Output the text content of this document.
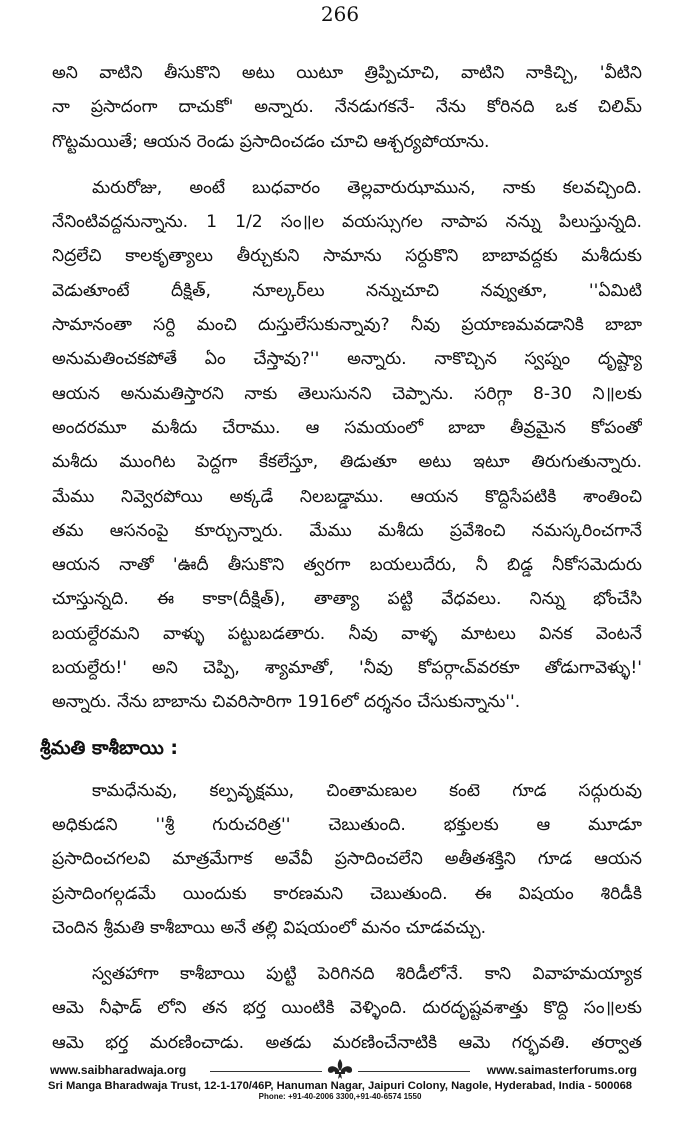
266
అని వాటిని తీసుకొని అటు యిటూ త్రిప్పిచూచి, వాటిని నాకిచ్చి, 'వీటిని
నా ప్రసాదంగా దాచుకో' అన్నారు. నేనడుగకనే- నేను కోరినది ఒక చిలిమ్
గొట్టమయితే; ఆయన రెండు ప్రసాదించడం చూచి ఆశ్చర్యపోయాను.
మరురోజు, అంటే బుధవారం తెల్లవారుఝామున, నాకు కలవచ్చింది.
నేనింటివద్దనున్నాను. 1 1/2 సం॥ల వయస్సుగల నాపాప నన్ను పిలుస్తున్నది.
నిద్రలేచి కాలకృత్యాలు తీర్చుకుని సామాను సర్దుకొని బాబావద్దకు మశీదుకు
వెడుతూంటే దీక్షిత్, నూల్కర్‌లు నన్నుచూచి నవ్వుతూ, ''ఏమిటి
సామానంతా సర్ది మంచి దుస్తులేసుకున్నావు? నీవు ప్రయాణమవడానికి బాబా
అనుమతించకపోతే ఏం చేస్తావు?'' అన్నారు. నాకొచ్చిన స్వప్నం దృష్ట్యా
ఆయన అనుమతిస్తారని నాకు తెలుసునని చెప్పాను. సరిగ్గా 8-30 ని॥లకు
అందరమూ మశీదు చేరాము. ఆ సమయంలో బాబా తీవ్రమైన కోపంతో
మశీదు ముంగిట పెద్దగా కేకలేస్తూ, తిడుతూ అటు ఇటూ తిరుగుతున్నారు.
మేము నివ్వెరపోయి అక్కడే నిలబడ్డాము. ఆయన కొద్దిసేపటికి శాంతించి
తమ ఆసనంపై కూర్చున్నారు. మేము మశీదు ప్రవేశించి నమస్కరించగానే
ఆయన నాతో 'ఊదీ తీసుకొని త్వరగా బయలుదేరు, నీ బిడ్డ నీకోసమెదురు
చూస్తున్నది. ఈ కాకా(దీక్షిత్), తాత్యా పట్టి వేధవలు. నిన్ను భోంచేసి
బయల్దేరమని వాళ్ళు పట్టుబడతారు. నీవు వాళ్ళ మాటలు వినక వెంటనే
బయల్దేరు!' అని చెప్పి, శ్యామాతో, 'నీవు కోపర్గాఁవ్‌వరకూ తోడుగావెళ్ళు!'
అన్నారు. నేను బాబాను చివరిసారిగా 1916లో దర్శనం చేసుకున్నాను''.
శ్రీమతి కాశీబాయి :
కామధేనువు, కల్పవృక్షము, చింతామణుల కంటె గూడ సద్గురువు
అధికుడని ''శ్రీ గురుచరిత్ర'' చెబుతుంది. భక్తులకు ఆ మూడూ
ప్రసాదించగలవి మాత్రమేగాక అవేవీ ప్రసాదించలేని అతీతశక్తిని గూడ ఆయన
ప్రసాదింగల్గడమే యిందుకు కారణమని చెబుతుంది. ఈ విషయం శిరిడీకి
చెందిన శ్రీమతి కాశీబాయి అనే తల్లి విషయంలో మనం చూడవచ్చు.
స్వతహాగా కాశీబాయి పుట్టి పెరిగినది శిరిడీలోనే. కాని వివాహమయ్యాక
ఆమె నీఫాడ్ లోని తన భర్త యింటికి వెళ్ళింది. దురదృష్టవశాత్తు కొద్ది సం॥లకు
ఆమె భర్త మరణించాడు. అతడు మరణించేనాటికి ఆమె గర్భవతి. తర్వాత
www.saibharadwaja.org	www.saimasterforums.org
Sri Manga Bharadwaja Trust, 12-1-170/46P, Hanuman Nagar, Jaipuri Colony, Nagole, Hyderabad, India - 500068
Phone: +91-40-2006 3300,+91-40-6574 1550
